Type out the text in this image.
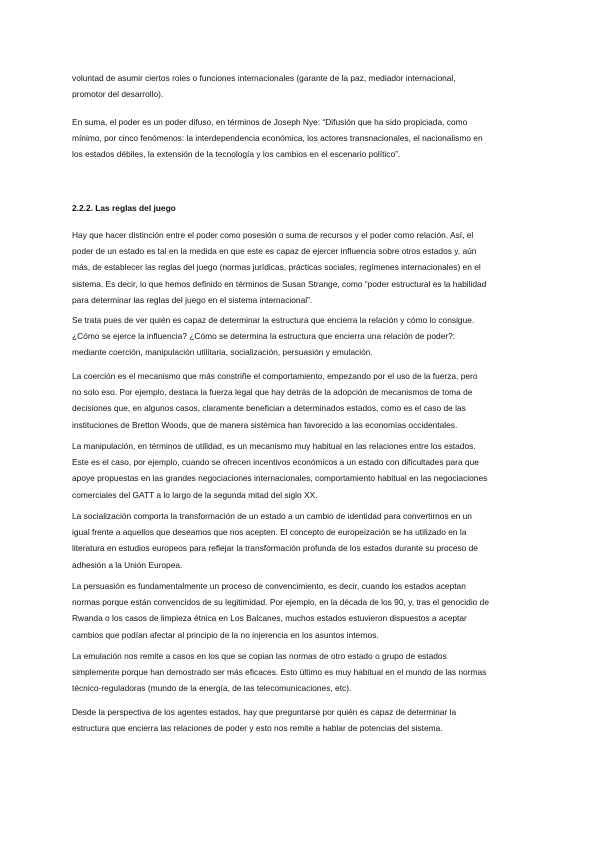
voluntad de asumir ciertos roles o funciones internacionales (garante de la paz, mediador internacional,
promotor del desarrollo).

En suma, el poder es un poder difuso, en términos de Joseph Nye: “Difusión que ha sido propiciada, como
mínimo, por cinco fenómenos: la interdependencia económica, los actores transnacionales, el nacionalismo en
los estados débiles, la extensión de la tecnología y los cambios en el escenario político”.

2.2.2. Las reglas del juego

Hay que hacer distinción entre el poder como posesión o suma de recursos y el poder como relación. Así, el
poder de un estado es tal en la medida en que este es capaz de ejercer influencia sobre otros estados y, aún
más, de establecer las reglas del juego (normas jurídicas, prácticas sociales, regímenes internacionales) en el
sistema. Es decir, lo que hemos definido en términos de Susan Strange, como “poder estructural es la habilidad
para determinar las reglas del juego en el sistema internacional”.

Se trata pues de ver quién es capaz de determinar la estructura que encierra la relación y cómo lo consigue.
¿Cómo se ejerce la influencia? ¿Cómo se determina la estructura que encierra una relación de poder?:
mediante coerción, manipulación utilitaria, socialización, persuasión y emulación.

La coerción es el mecanismo que más constriñe el comportamiento, empezando por el uso de la fuerza, pero
no solo eso. Por ejemplo, destaca la fuerza legal que hay detrás de la adopción de mecanismos de toma de
decisiones que, en algunos casos, claramente benefician a determinados estados, como es el caso de las
instituciones de Bretton Woods, que de manera sistémica han favorecido a las economías occidentales.

La manipulación, en términos de utilidad, es un mecanismo muy habitual en las relaciones entre los estados.
Este es el caso, por ejemplo, cuando se ofrecen incentivos económicos a un estado con dificultades para que
apoye propuestas en las grandes negociaciones internacionales, comportamiento habitual en las negociaciones
comerciales del GATT a lo largo de la segunda mitad del siglo XX.

La socialización comporta la transformación de un estado a un cambio de identidad para convertirnos en un
igual frente a aquellos que deseamos que nos acepten. El concepto de europeización se ha utilizado en la
literatura en estudios europeos para reflejar la transformación profunda de los estados durante su proceso de
adhesión a la Unión Europea.

La persuasión es fundamentalmente un proceso de convencimiento, es decir, cuando los estados aceptan
normas porque están convencidos de su legitimidad. Por ejemplo, en la década de los 90, y, tras el genocidio de
Rwanda o los casos de limpieza étnica en Los Balcanes, muchos estados estuvieron dispuestos a aceptar
cambios que podían afectar al principio de la no injerencia en los asuntos internos.

La emulación nos remite a casos en los que se copian las normas de otro estado o grupo de estados
simplemente porque han demostrado ser más eficaces. Esto último es muy habitual en el mundo de las normas
técnico-reguladoras (mundo de la energía, de las telecomunicaciones, etc).

Desde la perspectiva de los agentes estados, hay que preguntarse por quién es capaz de determinar la
estructura que encierra las relaciones de poder y esto nos remite a hablar de potencias del sistema.
